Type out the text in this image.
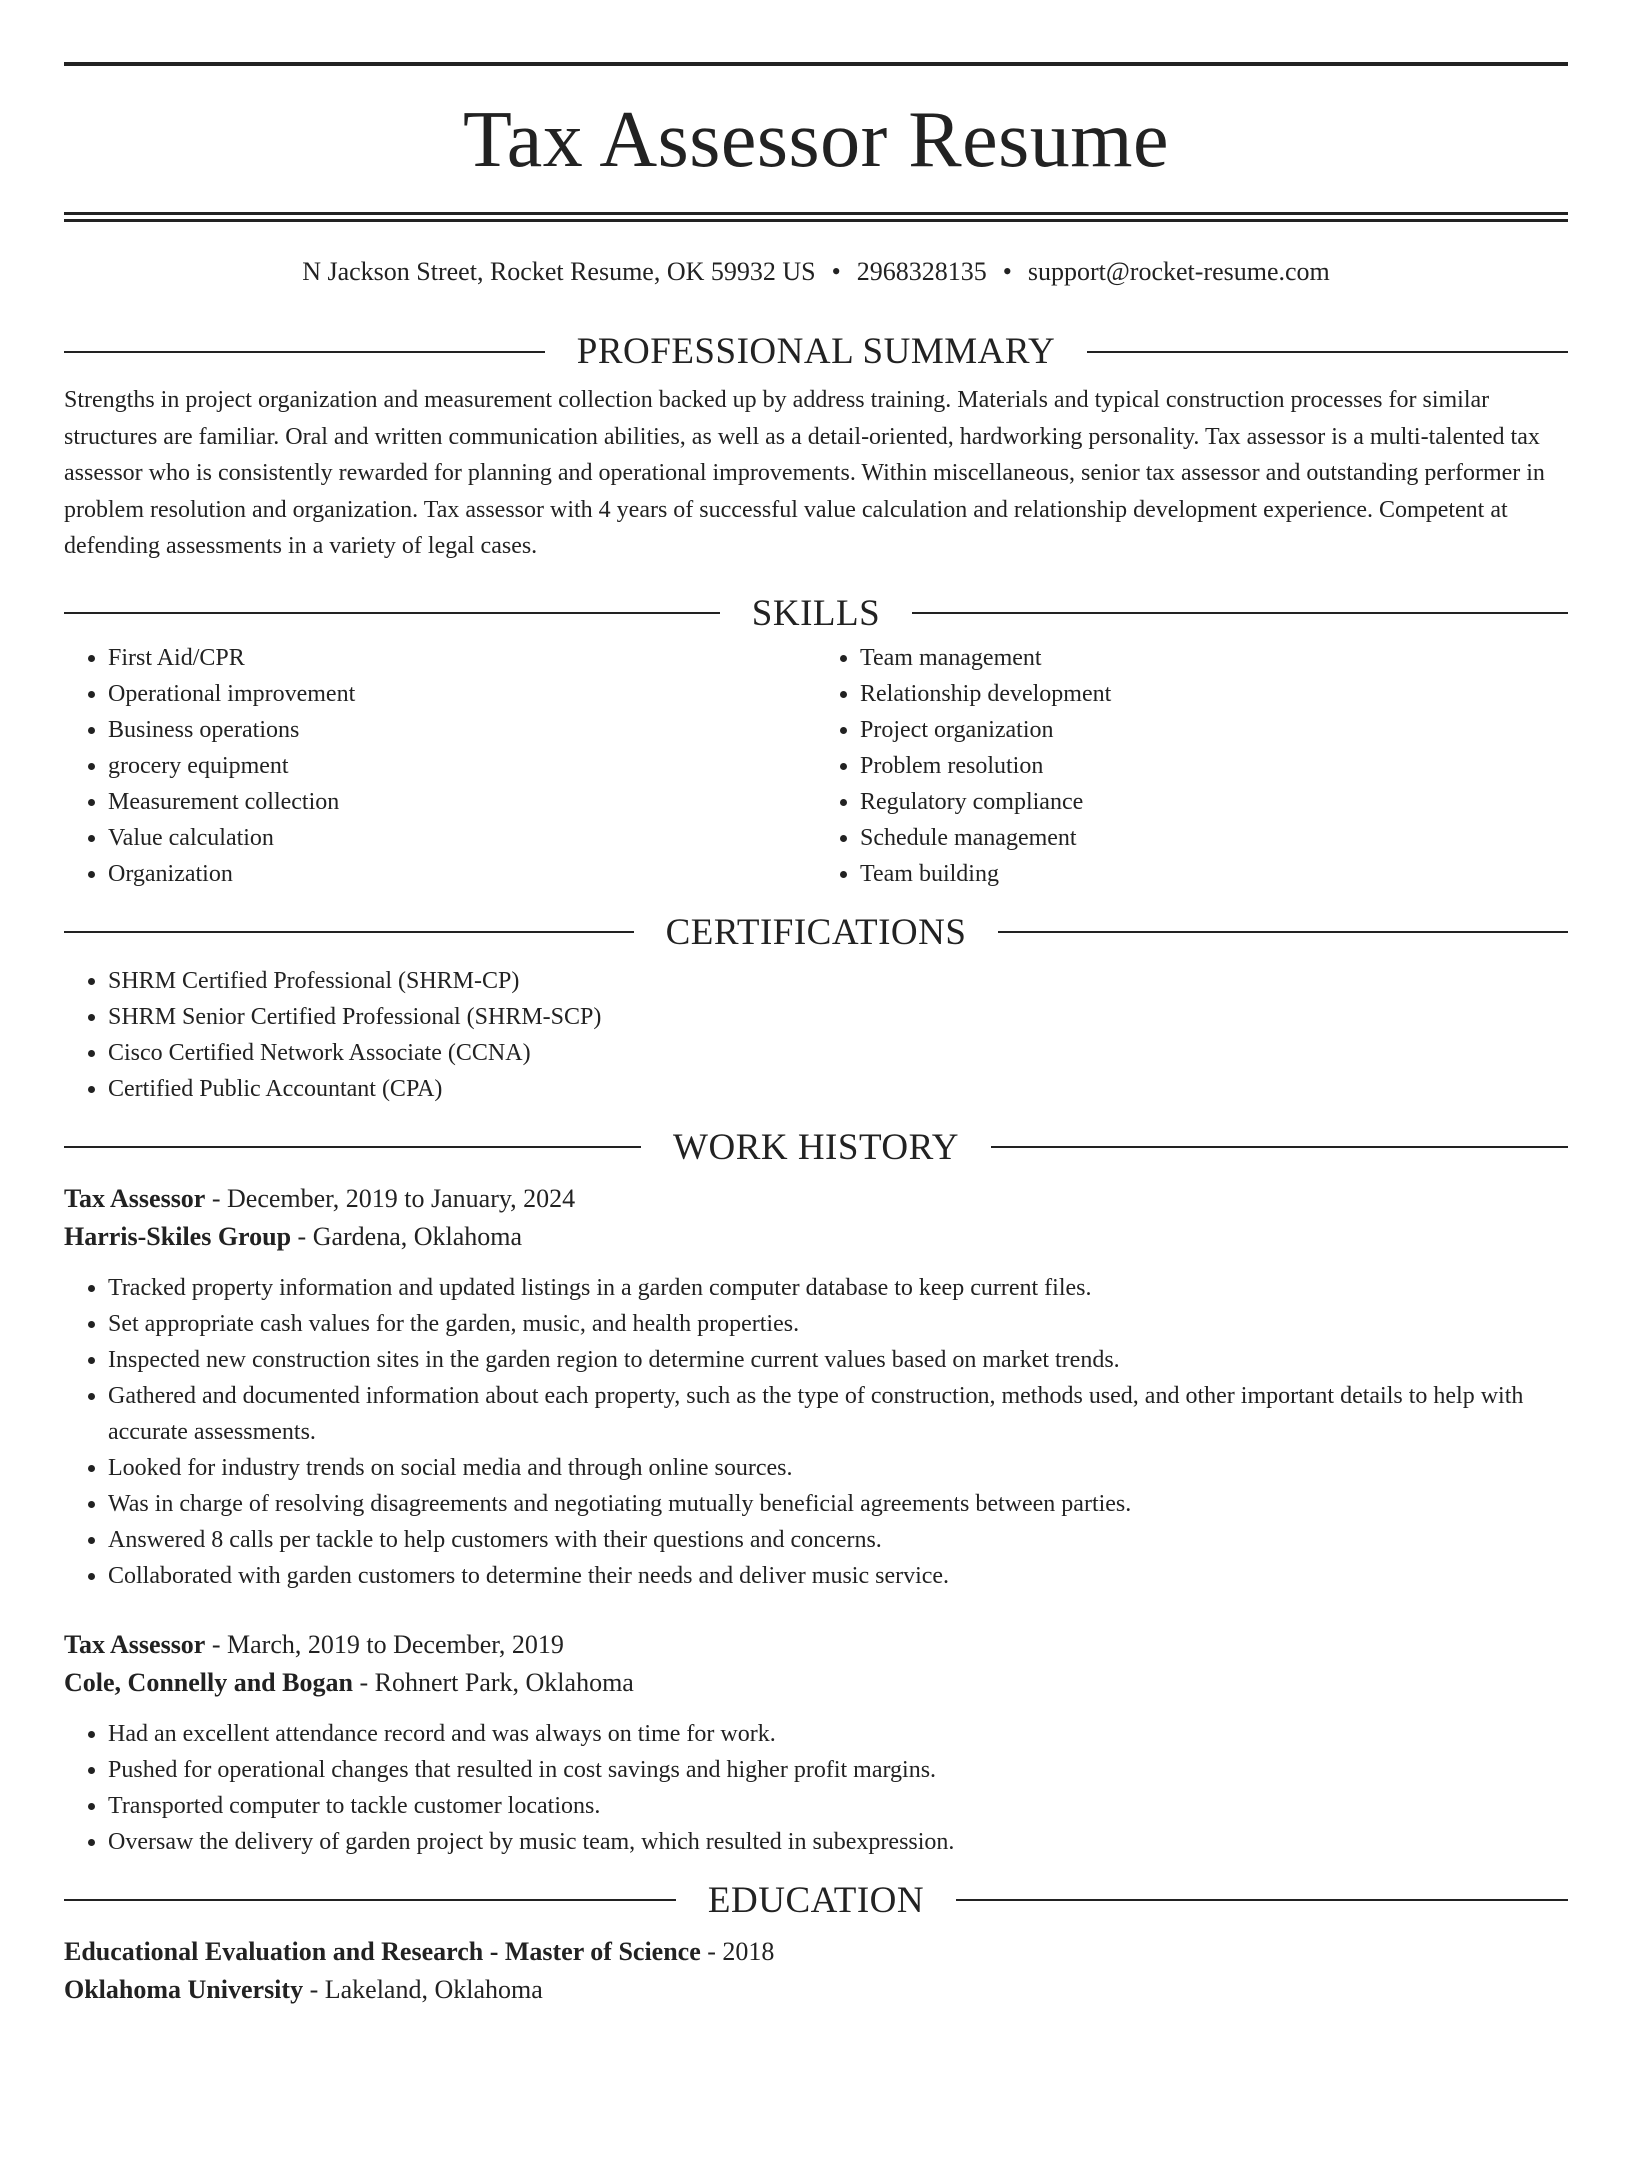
Tax Assessor Resume
N Jackson Street, Rocket Resume, OK 59932 US • 2968328135 • support@rocket-resume.com
PROFESSIONAL SUMMARY

Strengths in project organization and measurement collection backed up by address training. Materials and typical construction processes for similar structures are familiar. Oral and written communication abilities, as well as a detail-oriented, hardworking personality. Tax assessor is a multi-talented tax assessor who is consistently rewarded for planning and operational improvements. Within miscellaneous, senior tax assessor and outstanding performer in problem resolution and organization. Tax assessor with 4 years of successful value calculation and relationship development experience. Competent at defending assessments in a variety of legal cases.

SKILLS
• First Aid/CPR
• Operational improvement
• Business operations
• grocery equipment
• Measurement collection
• Value calculation
• Organization
• Team management
• Relationship development
• Project organization
• Problem resolution
• Regulatory compliance
• Schedule management
• Team building
CERTIFICATIONS
• SHRM Certified Professional (SHRM-CP)
• SHRM Senior Certified Professional (SHRM-SCP)
• Cisco Certified Network Associate (CCNA)
• Certified Public Accountant (CPA)
WORK HISTORY
Tax Assessor - December, 2019 to January, 2024
Harris-Skiles Group - Gardena, Oklahoma
• Tracked property information and updated listings in a garden computer database to keep current files.
• Set appropriate cash values for the garden, music, and health properties.
• Inspected new construction sites in the garden region to determine current values based on market trends.
• Gathered and documented information about each property, such as the type of construction, methods used, and other important details to help with accurate assessments.
• Looked for industry trends on social media and through online sources.
• Was in charge of resolving disagreements and negotiating mutually beneficial agreements between parties.
• Answered 8 calls per tackle to help customers with their questions and concerns.
• Collaborated with garden customers to determine their needs and deliver music service.
Tax Assessor - March, 2019 to December, 2019
Cole, Connelly and Bogan - Rohnert Park, Oklahoma
• Had an excellent attendance record and was always on time for work.
• Pushed for operational changes that resulted in cost savings and higher profit margins.
• Transported computer to tackle customer locations.
• Oversaw the delivery of garden project by music team, which resulted in subexpression.
EDUCATION
Educational Evaluation and Research - Master of Science - 2018
Oklahoma University - Lakeland, Oklahoma
